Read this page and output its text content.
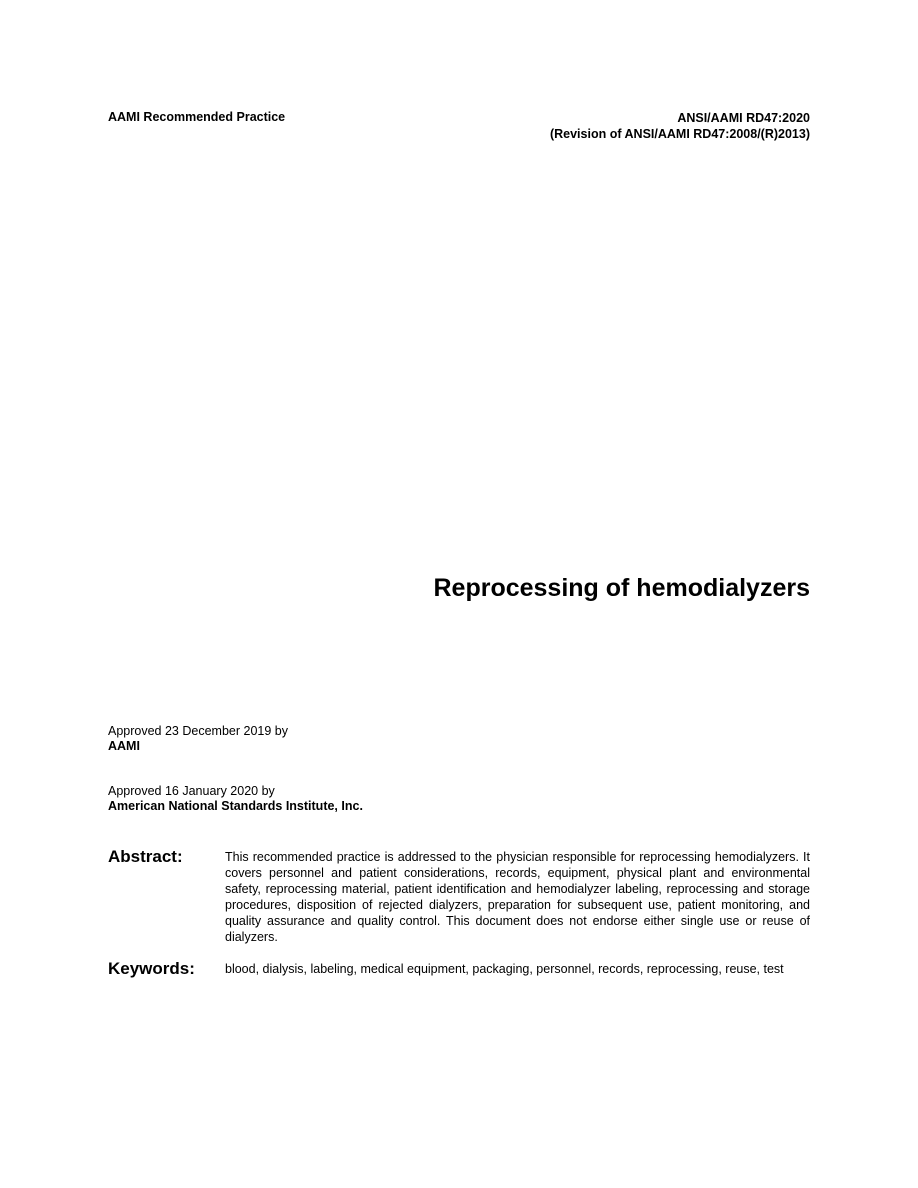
AAMI Recommended Practice	ANSI/AAMI RD47:2020
(Revision of ANSI/AAMI RD47:2008/(R)2013)
Reprocessing of hemodialyzers
Approved 23 December 2019 by
AAMI
Approved 16 January 2020 by
American National Standards Institute, Inc.
Abstract:	This recommended practice is addressed to the physician responsible for reprocessing hemodialyzers. It covers personnel and patient considerations, records, equipment, physical plant and environmental safety, reprocessing material, patient identification and hemodialyzer labeling, reprocessing and storage procedures, disposition of rejected dialyzers, preparation for subsequent use, patient monitoring, and quality assurance and quality control. This document does not endorse either single use or reuse of dialyzers.

Keywords: blood, dialysis, labeling, medical equipment, packaging, personnel, records, reprocessing, reuse, test
